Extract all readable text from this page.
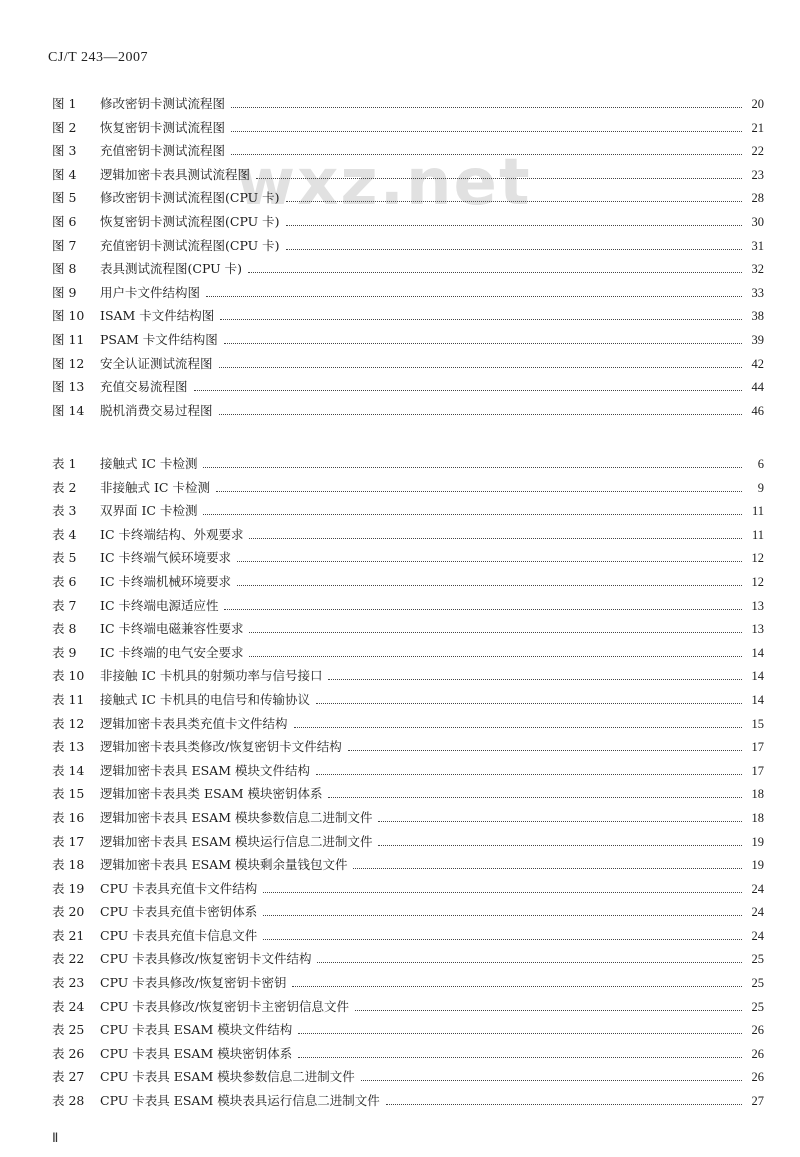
CJ/T 243—2007
wxz.net
图 1	修改密钥卡测试流程图	20
图 2	恢复密钥卡测试流程图	21
图 3	充值密钥卡测试流程图	22
图 4	逻辑加密卡表具测试流程图	23
图 5	修改密钥卡测试流程图(CPU 卡)	28
图 6	恢复密钥卡测试流程图(CPU 卡)	30
图 7	充值密钥卡测试流程图(CPU 卡)	31
图 8	表具测试流程图(CPU 卡)	32
图 9	用户卡文件结构图	33
图 10	ISAM 卡文件结构图	38
图 11	PSAM 卡文件结构图	39
图 12	安全认证测试流程图	42
图 13	充值交易流程图	44
图 14	脱机消费交易过程图	46
表 1	接触式 IC 卡检测	6
表 2	非接触式 IC 卡检测	9
表 3	双界面 IC 卡检测	11
表 4	IC 卡终端结构、外观要求	11
表 5	IC 卡终端气候环境要求	12
表 6	IC 卡终端机械环境要求	12
表 7	IC 卡终端电源适应性	13
表 8	IC 卡终端电磁兼容性要求	13
表 9	IC 卡终端的电气安全要求	14
表 10	非接触 IC 卡机具的射频功率与信号接口	14
表 11	接触式 IC 卡机具的电信号和传输协议	14
表 12	逻辑加密卡表具类充值卡文件结构	15
表 13	逻辑加密卡表具类修改/恢复密钥卡文件结构	17
表 14	逻辑加密卡表具 ESAM 模块文件结构	17
表 15	逻辑加密卡表具类 ESAM 模块密钥体系	18
表 16	逻辑加密卡表具 ESAM 模块参数信息二进制文件	18
表 17	逻辑加密卡表具 ESAM 模块运行信息二进制文件	19
表 18	逻辑加密卡表具 ESAM 模块剩余量钱包文件	19
表 19	CPU 卡表具充值卡文件结构	24
表 20	CPU 卡表具充值卡密钥体系	24
表 21	CPU 卡表具充值卡信息文件	24
表 22	CPU 卡表具修改/恢复密钥卡文件结构	25
表 23	CPU 卡表具修改/恢复密钥卡密钥	25
表 24	CPU 卡表具修改/恢复密钥卡主密钥信息文件	25
表 25	CPU 卡表具 ESAM 模块文件结构	26
表 26	CPU 卡表具 ESAM 模块密钥体系	26
表 27	CPU 卡表具 ESAM 模块参数信息二进制文件	26
表 28	CPU 卡表具 ESAM 模块表具运行信息二进制文件	27
Ⅱ
